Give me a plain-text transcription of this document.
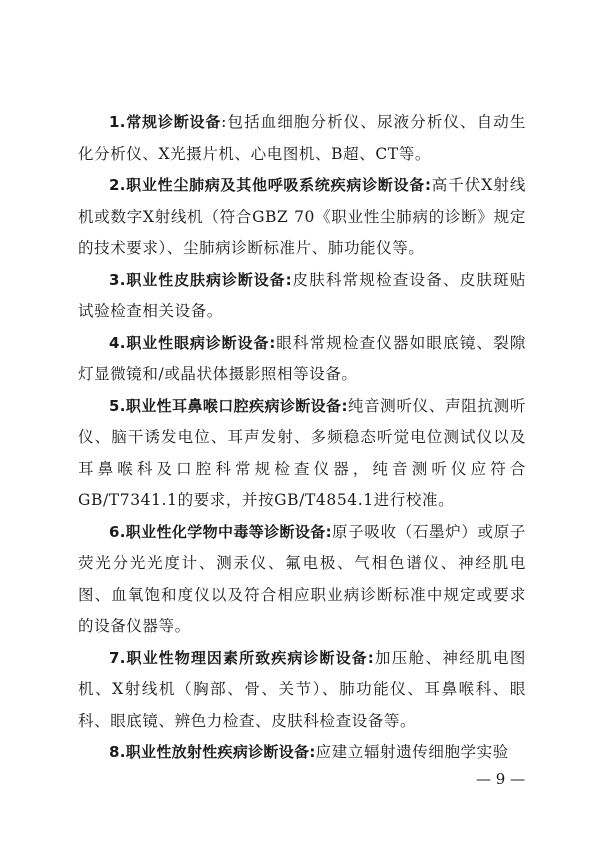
1.常规诊断设备:包括血细胞分析仪、尿液分析仪、自动生化分析仪、X光摄片机、心电图机、B超、CT等。

2.职业性尘肺病及其他呼吸系统疾病诊断设备:高千伏X射线机或数字X射线机（符合GBZ 70《职业性尘肺病的诊断》规定的技术要求）、尘肺病诊断标准片、肺功能仪等。

3.职业性皮肤病诊断设备:皮肤科常规检查设备、皮肤斑贴试验检查相关设备。

4.职业性眼病诊断设备:眼科常规检查仪器如眼底镜、裂隙灯显微镜和/或晶状体摄影照相等设备。

5.职业性耳鼻喉口腔疾病诊断设备:纯音测听仪、声阻抗测听仪、脑干诱发电位、耳声发射、多频稳态听觉电位测试仪以及耳鼻喉科及口腔科常规检查仪器，纯音测听仪应符合GB/T7341.1的要求，并按GB/T4854.1进行校准。

6.职业性化学物中毒等诊断设备:原子吸收（石墨炉）或原子荧光分光光度计、测汞仪、氟电极、气相色谱仪、神经肌电图、血氧饱和度仪以及符合相应职业病诊断标准中规定或要求的设备仪器等。

7.职业性物理因素所致疾病诊断设备:加压舱、神经肌电图机、X射线机（胸部、骨、关节）、肺功能仪、耳鼻喉科、眼科、眼底镜、辨色力检查、皮肤科检查设备等。

8.职业性放射性疾病诊断设备:应建立辐射遗传细胞学实验

— 9 —
